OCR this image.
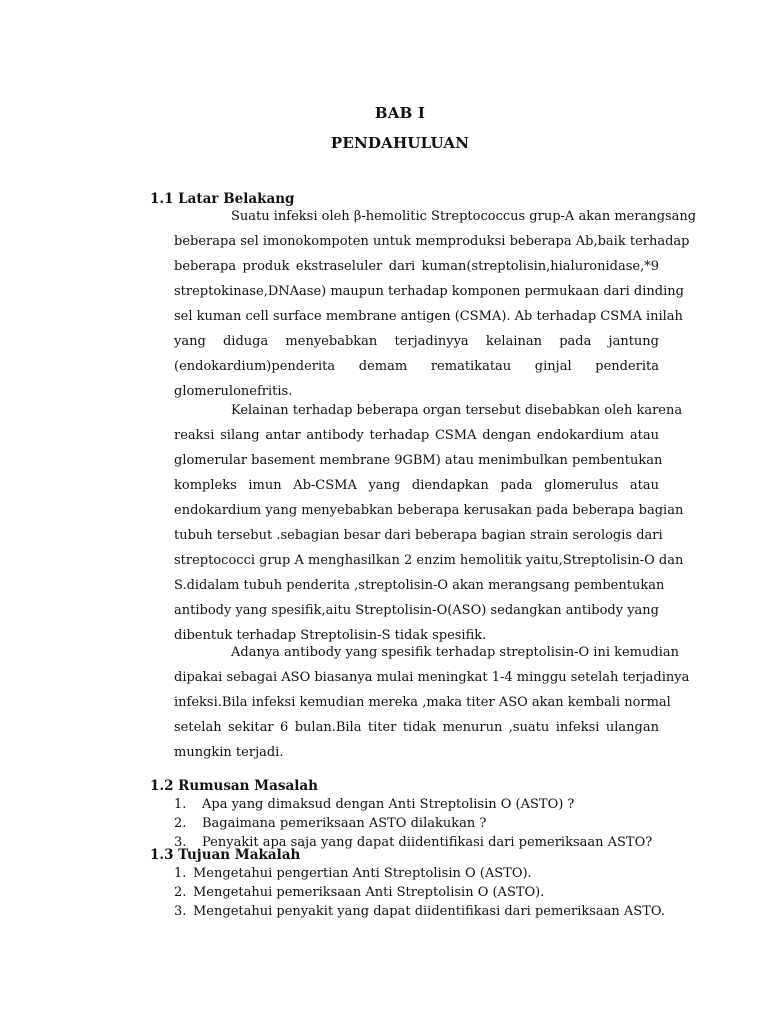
BAB I
PENDAHULUAN
1.1 Latar Belakang
Suatu infeksi oleh β-hemolitic Streptococcus grup-A akan merangsang
beberapa sel imonokompoten untuk memproduksi beberapa Ab,baik terhadap
beberapa produk ekstraseluler dari kuman(streptolisin,hialuronidase,*9
streptokinase,DNAase) maupun terhadap komponen permukaan dari dinding
sel kuman cell surface membrane antigen (CSMA). Ab terhadap CSMA inilah
yang diduga menyebabkan terjadinyya kelainan pada jantung
(endokardium)penderita demam rematikatau ginjal penderita
glomerulonefritis.
Kelainan terhadap beberapa organ tersebut disebabkan oleh karena
reaksi silang antar antibody terhadap CSMA dengan endokardium atau
glomerular basement membrane 9GBM) atau menimbulkan pembentukan
kompleks imun Ab-CSMA yang diendapkan pada glomerulus atau
endokardium yang menyebabkan beberapa kerusakan pada beberapa bagian
tubuh tersebut .sebagian besar dari beberapa bagian strain serologis dari
streptococci grup A menghasilkan 2 enzim hemolitik yaitu,Streptolisin-O dan
S.didalam tubuh penderita ,streptolisin-O akan merangsang pembentukan
antibody yang spesifik,aitu Streptolisin-O(ASO) sedangkan antibody yang
dibentuk terhadap Streptolisin-S tidak spesifik.
Adanya antibody yang spesifik terhadap streptolisin-O ini kemudian
dipakai sebagai ASO biasanya mulai meningkat 1-4 minggu setelah terjadinya
infeksi.Bila infeksi kemudian mereka ,maka titer ASO akan kembali normal
setelah sekitar 6 bulan.Bila titer tidak menurun ,suatu infeksi ulangan
mungkin terjadi.
1.2 Rumusan Masalah
1. Apa yang dimaksud dengan Anti Streptolisin O (ASTO) ?
2. Bagaimana pemeriksaan ASTO dilakukan ?
3. Penyakit apa saja yang dapat diidentifikasi dari pemeriksaan ASTO?
1.3 Tujuan Makalah
1. Mengetahui pengertian Anti Streptolisin O (ASTO).
2. Mengetahui pemeriksaan Anti Streptolisin O (ASTO).
3. Mengetahui penyakit yang dapat diidentifikasi dari pemeriksaan ASTO.
